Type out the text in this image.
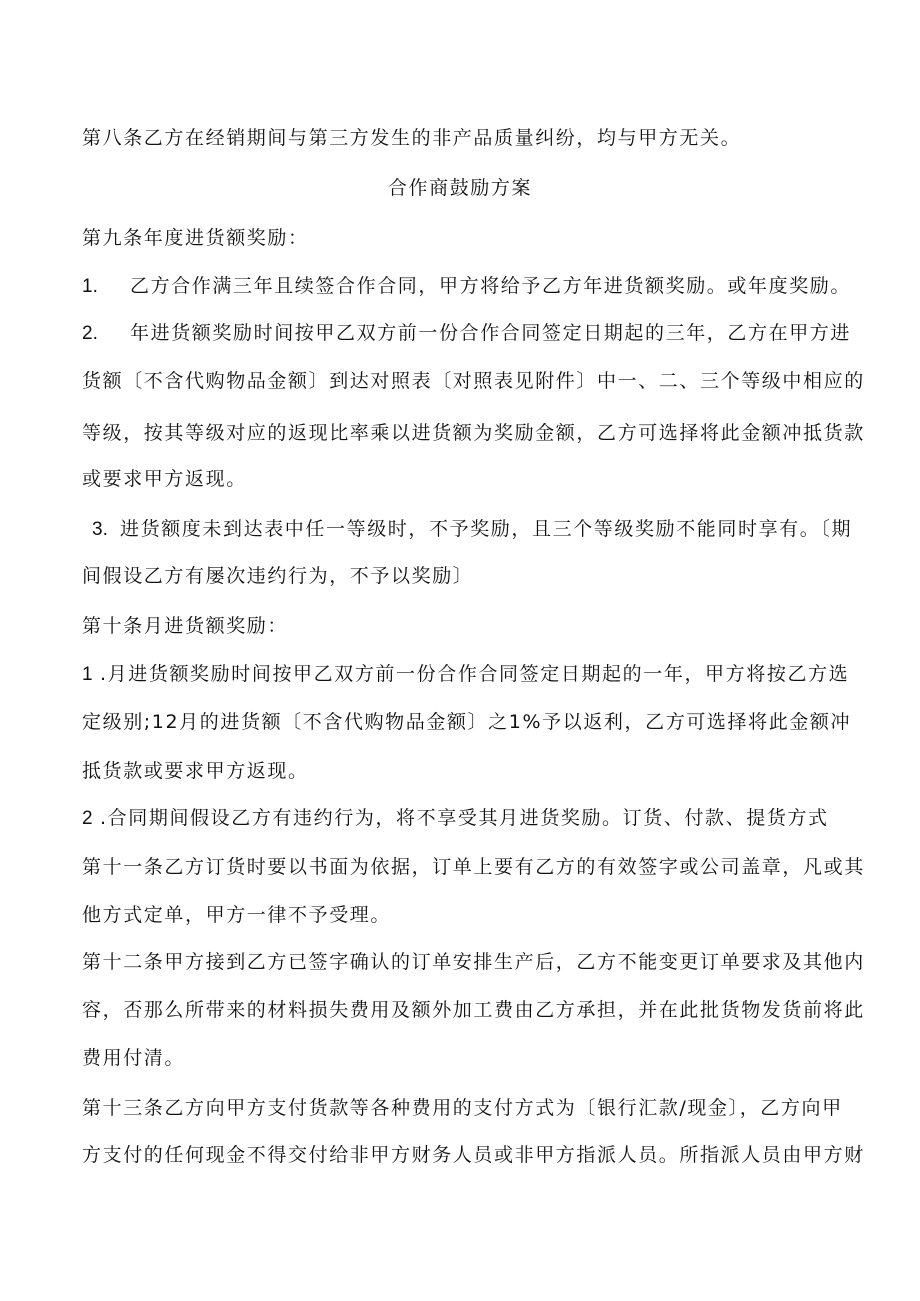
第八条乙方在经销期间与第三方发生的非产品质量纠纷，均与甲方无关。
合作商鼓励方案
第九条年度进货额奖励：
1. 乙方合作满三年且续签合作合同，甲方将给予乙方年进货额奖励。或年度奖励。
2. 年进货额奖励时间按甲乙双方前一份合作合同签定日期起的三年，乙方在甲方进
货额〔不含代购物品金额〕到达对照表〔对照表见附件〕中一、二、三个等级中相应的
等级，按其等级对应的返现比率乘以进货额为奖励金额，乙方可选择将此金额冲抵货款
或要求甲方返现。
3. 进货额度未到达表中任一等级时，不予奖励，且三个等级奖励不能同时享有。〔期
间假设乙方有屡次违约行为，不予以奖励〕
第十条月进货额奖励：
1 .月进货额奖励时间按甲乙双方前一份合作合同签定日期起的一年，甲方将按乙方选
定级别;12月的进货额〔不含代购物品金额〕之1%予以返利，乙方可选择将此金额冲
抵货款或要求甲方返现。
2 .合同期间假设乙方有违约行为，将不享受其月进货奖励。订货、付款、提货方式
第十一条乙方订货时要以书面为依据，订单上要有乙方的有效签字或公司盖章，凡或其
他方式定单，甲方一律不予受理。
第十二条甲方接到乙方已签字确认的订单安排生产后，乙方不能变更订单要求及其他内
容，否那么所带来的材料损失费用及额外加工费由乙方承担，并在此批货物发货前将此
费用付清。
第十三条乙方向甲方支付货款等各种费用的支付方式为〔银行汇款/现金〕，乙方向甲
方支付的任何现金不得交付给非甲方财务人员或非甲方指派人员。所指派人员由甲方财
